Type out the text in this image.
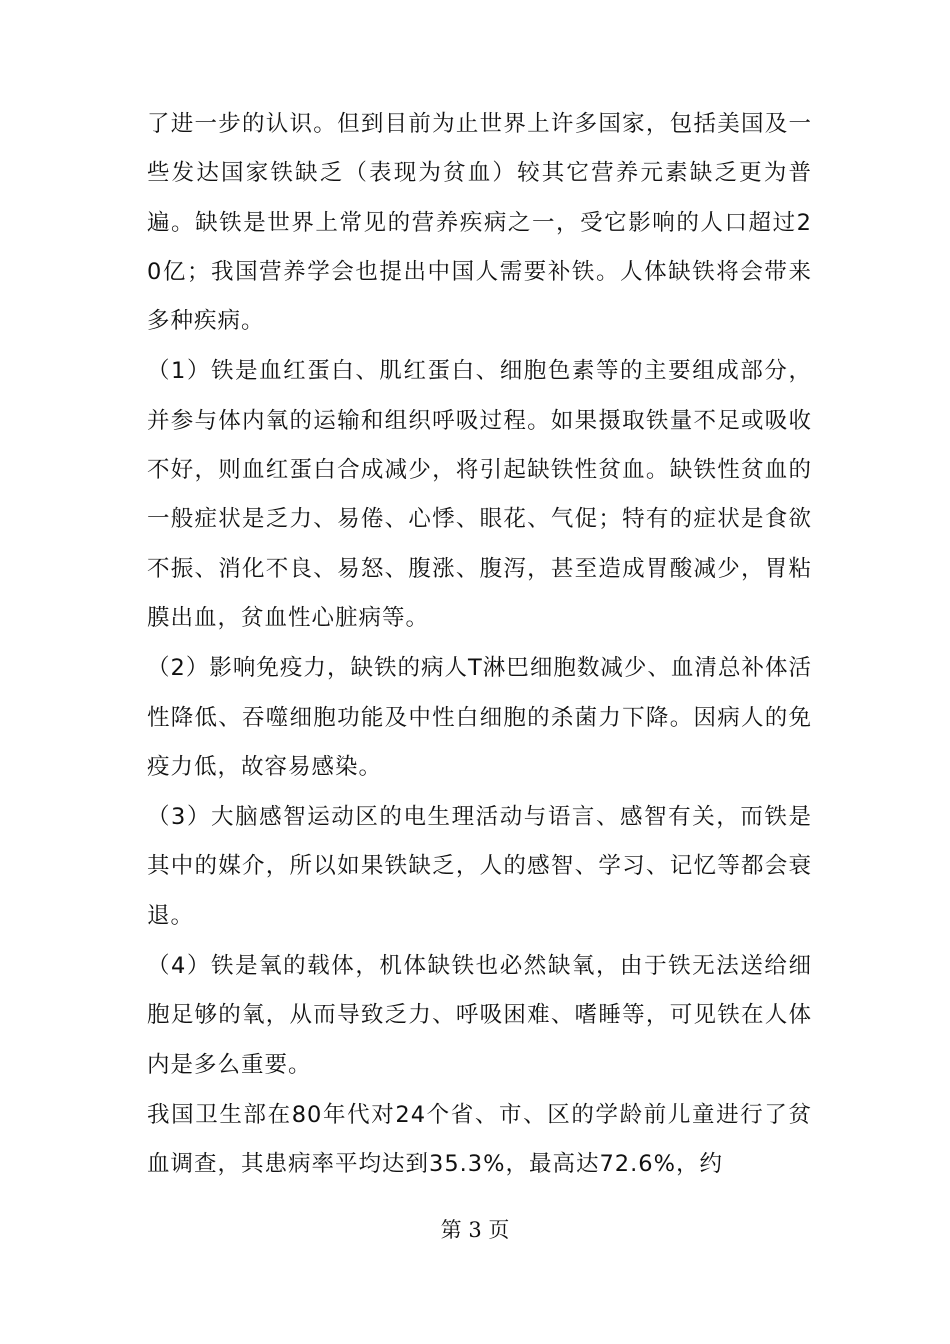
了进一步的认识。但到目前为止世界上许多国家，包括美国及一些发达国家铁缺乏（表现为贫血）较其它营养元素缺乏更为普遍。缺铁是世界上常见的营养疾病之一，受它影响的人口超过20亿；我国营养学会也提出中国人需要补铁。人体缺铁将会带来多种疾病。

（1）铁是血红蛋白、肌红蛋白、细胞色素等的主要组成部分，并参与体内氧的运输和组织呼吸过程。如果摄取铁量不足或吸收不好，则血红蛋白合成减少，将引起缺铁性贫血。缺铁性贫血的一般症状是乏力、易倦、心悸、眼花、气促；特有的症状是食欲不振、消化不良、易怒、腹涨、腹泻，甚至造成胃酸减少，胃粘膜出血，贫血性心脏病等。

（2）影响免疫力，缺铁的病人T淋巴细胞数减少、血清总补体活性降低、吞噬细胞功能及中性白细胞的杀菌力下降。因病人的免疫力低，故容易感染。

（3）大脑感智运动区的电生理活动与语言、感智有关，而铁是其中的媒介，所以如果铁缺乏，人的感智、学习、记忆等都会衰退。

（4）铁是氧的载体，机体缺铁也必然缺氧，由于铁无法送给细胞足够的氧，从而导致乏力、呼吸困难、嗜睡等，可见铁在人体内是多么重要。

我国卫生部在80年代对24个省、市、区的学龄前儿童进行了贫血调查，其患病率平均达到35.3%，最高达72.6%，约

第 3 页
